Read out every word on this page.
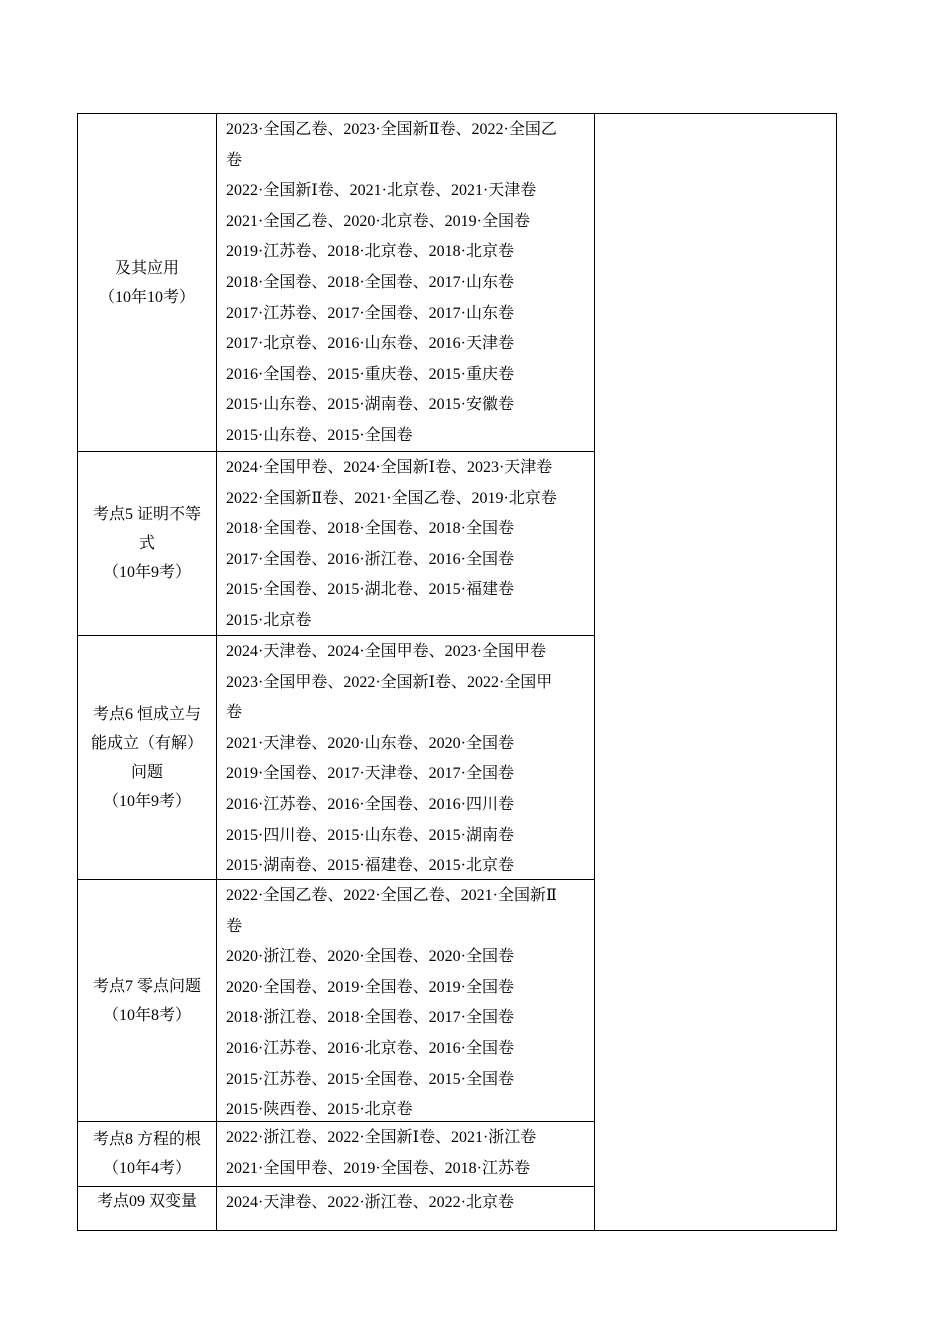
及其应用
（10年10考）
2023·全国乙卷、2023·全国新Ⅱ卷、2022·全国乙
卷
2022·全国新Ⅰ卷、2021·北京卷、2021·天津卷
2021·全国乙卷、2020·北京卷、2019·全国卷
2019·江苏卷、2018·北京卷、2018·北京卷
2018·全国卷、2018·全国卷、2017·山东卷
2017·江苏卷、2017·全国卷、2017·山东卷
2017·北京卷、2016·山东卷、2016·天津卷
2016·全国卷、2015·重庆卷、2015·重庆卷
2015·山东卷、2015·湖南卷、2015·安徽卷
2015·山东卷、2015·全国卷
考点5 证明不等
式
（10年9考）
2024·全国甲卷、2024·全国新Ⅰ卷、2023·天津卷
2022·全国新Ⅱ卷、2021·全国乙卷、2019·北京卷
2018·全国卷、2018·全国卷、2018·全国卷
2017·全国卷、2016·浙江卷、2016·全国卷
2015·全国卷、2015·湖北卷、2015·福建卷
2015·北京卷
考点6 恒成立与
能成立（有解）
问题
（10年9考）
2024·天津卷、2024·全国甲卷、2023·全国甲卷
2023·全国甲卷、2022·全国新Ⅰ卷、2022·全国甲
卷
2021·天津卷、2020·山东卷、2020·全国卷
2019·全国卷、2017·天津卷、2017·全国卷
2016·江苏卷、2016·全国卷、2016·四川卷
2015·四川卷、2015·山东卷、2015·湖南卷
2015·湖南卷、2015·福建卷、2015·北京卷
考点7 零点问题
（10年8考）
2022·全国乙卷、2022·全国乙卷、2021·全国新Ⅱ
卷
2020·浙江卷、2020·全国卷、2020·全国卷
2020·全国卷、2019·全国卷、2019·全国卷
2018·浙江卷、2018·全国卷、2017·全国卷
2016·江苏卷、2016·北京卷、2016·全国卷
2015·江苏卷、2015·全国卷、2015·全国卷
2015·陕西卷、2015·北京卷
考点8 方程的根
（10年4考）
2022·浙江卷、2022·全国新Ⅰ卷、2021·浙江卷
2021·全国甲卷、2019·全国卷、2018·江苏卷
考点09 双变量 2024·天津卷、2022·浙江卷、2022·北京卷
